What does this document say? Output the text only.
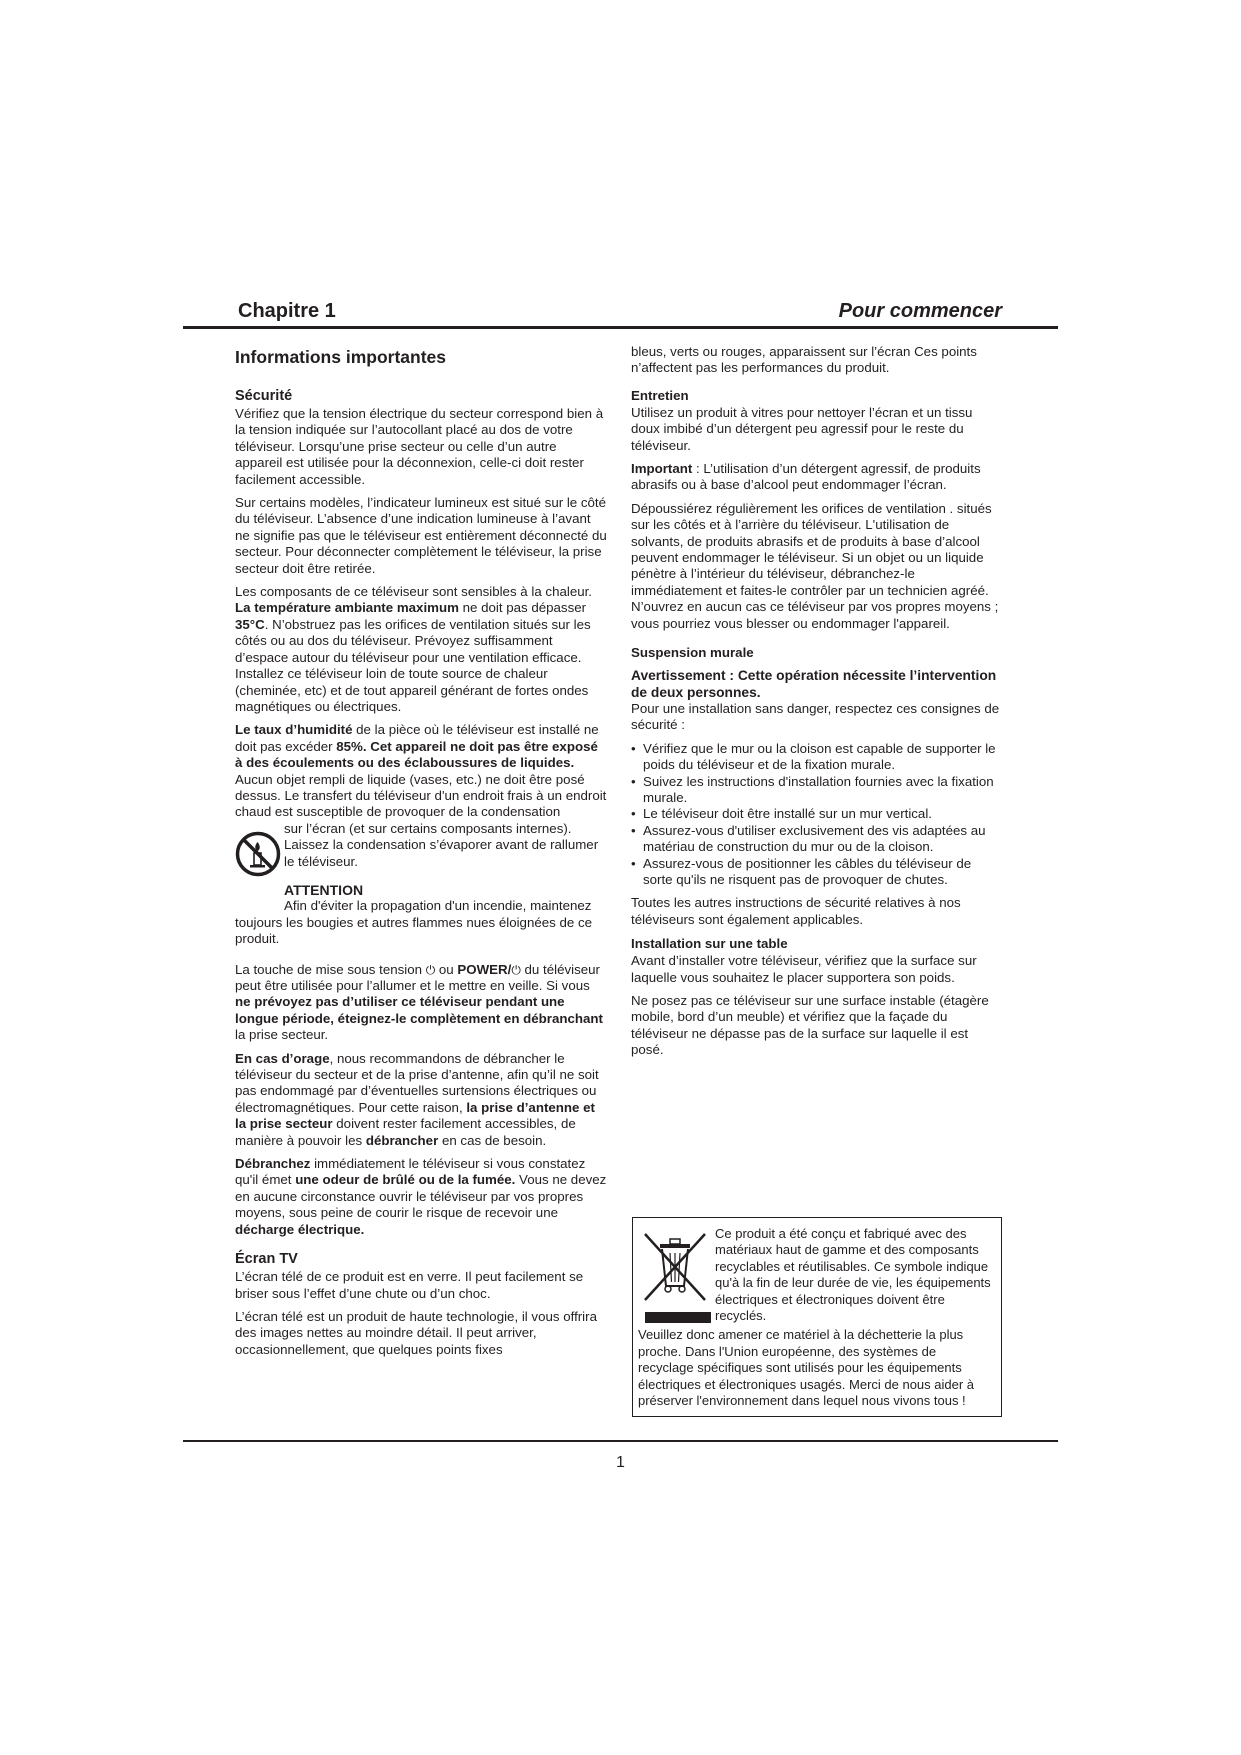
Chapitre 1	Pour commencer
Informations importantes
Sécurité

Vérifiez que la tension électrique du secteur correspond bien à la tension indiquée sur l’autocollant placé au dos de votre téléviseur. Lorsqu’une prise secteur ou celle d’un autre appareil est utilisée pour la déconnexion, celle-ci doit rester facilement accessible.

Sur certains modèles, l’indicateur lumineux est situé sur le côté du téléviseur. L’absence d’une indication lumineuse à l’avant ne signifie pas que le téléviseur est entièrement déconnecté du secteur. Pour déconnecter complètement le téléviseur, la prise secteur doit être retirée.

Les composants de ce téléviseur sont sensibles à la chaleur. La température ambiante maximum ne doit pas dépasser 35°C. N’obstruez pas les orifices de ventilation situés sur les côtés ou au dos du téléviseur. Prévoyez suffisamment d’espace autour du téléviseur pour une ventilation efficace. Installez ce téléviseur loin de toute source de chaleur (cheminée, etc) et de tout appareil générant de fortes ondes magnétiques ou électriques.

Le taux d’humidité de la pièce où le téléviseur est installé ne doit pas excéder 85%. Cet appareil ne doit pas être exposé à des écoulements ou des éclaboussures de liquides. Aucun objet rempli de liquide (vases, etc.) ne doit être posé dessus. Le transfert du téléviseur d'un endroit frais à un endroit chaud est susceptible de provoquer de la condensation

sur l’écran (et sur certains composants internes). Laissez la condensation s’évaporer avant de rallumer le téléviseur.
ATTENTION

Afin d'éviter la propagation d'un incendie, maintenez toujours les bougies et autres flammes nues éloignées de ce produit.

La touche de mise sous tension ⏻ ou POWER/⏻ du téléviseur peut être utilisée pour l’allumer et le mettre en veille. Si vous ne prévoyez pas d’utiliser ce téléviseur pendant une longue période, éteignez-le complètement en débranchant la prise secteur.

En cas d’orage, nous recommandons de débrancher le téléviseur du secteur et de la prise d’antenne, afin qu’il ne soit pas endommagé par d’éventuelles surtensions électriques ou électromagnétiques. Pour cette raison, la prise d’antenne et la prise secteur doivent rester facilement accessibles, de manière à pouvoir les débrancher en cas de besoin.

Débranchez immédiatement le téléviseur si vous constatez qu'il émet une odeur de brûlé ou de la fumée. Vous ne devez en aucune circonstance ouvrir le téléviseur par vos propres moyens, sous peine de courir le risque de recevoir une décharge électrique.

Écran TV

L’écran télé de ce produit est en verre. Il peut facilement se briser sous l’effet d’une chute ou d’un choc.

L’écran télé est un produit de haute technologie, il vous offrira des images nettes au moindre détail. Il peut arriver, occasionnellement, que quelques points fixes

bleus, verts ou rouges, apparaissent sur l’écran Ces points n’affectent pas les performances du produit.

Entretien

Utilisez un produit à vitres pour nettoyer l’écran et un tissu doux imbibé d’un détergent peu agressif pour le reste du téléviseur.

Important : L’utilisation d’un détergent agressif, de produits abrasifs ou à base d’alcool peut endommager l’écran.

Dépoussiérez régulièrement les orifices de ventilation . situés sur les côtés et à l’arrière du téléviseur. L'utilisation de solvants, de produits abrasifs et de produits à base d’alcool peuvent endommager le téléviseur. Si un objet ou un liquide pénètre à l’intérieur du téléviseur, débranchez-le immédiatement et faites-le contrôler par un technicien agréé. N’ouvrez en aucun cas ce téléviseur par vos propres moyens ; vous pourriez vous blesser ou endommager l'appareil.

Suspension murale
Avertissement : Cette opération nécessite l’intervention de deux personnes.

Pour une installation sans danger, respectez ces consignes de sécurité :

• Vérifiez que le mur ou la cloison est capable de supporter le poids du téléviseur et de la fixation murale.
• Suivez les instructions d'installation fournies avec la fixation murale.
• Le téléviseur doit être installé sur un mur vertical.
• Assurez-vous d'utiliser exclusivement des vis adaptées au matériau de construction du mur ou de la cloison.
• Assurez-vous de positionner les câbles du téléviseur de sorte qu'ils ne risquent pas de provoquer de chutes.

Toutes les autres instructions de sécurité relatives à nos téléviseurs sont également applicables.

Installation sur une table

Avant d’installer votre téléviseur, vérifiez que la surface sur laquelle vous souhaitez le placer supportera son poids.

Ne posez pas ce téléviseur sur une surface instable (étagère mobile, bord d’un meuble) et vérifiez que la façade du téléviseur ne dépasse pas de la surface sur laquelle il est posé.

Ce produit a été conçu et fabriqué avec des matériaux haut de gamme et des composants recyclables et réutilisables. Ce symbole indique qu'à la fin de leur durée de vie, les équipements électriques et électroniques doivent être recyclés.
Veuillez donc amener ce matériel à la déchetterie la plus proche. Dans l'Union européenne, des systèmes de recyclage spécifiques sont utilisés pour les équipements électriques et électroniques usagés. Merci de nous aider à préserver l'environnement dans lequel nous vivons tous !
1
